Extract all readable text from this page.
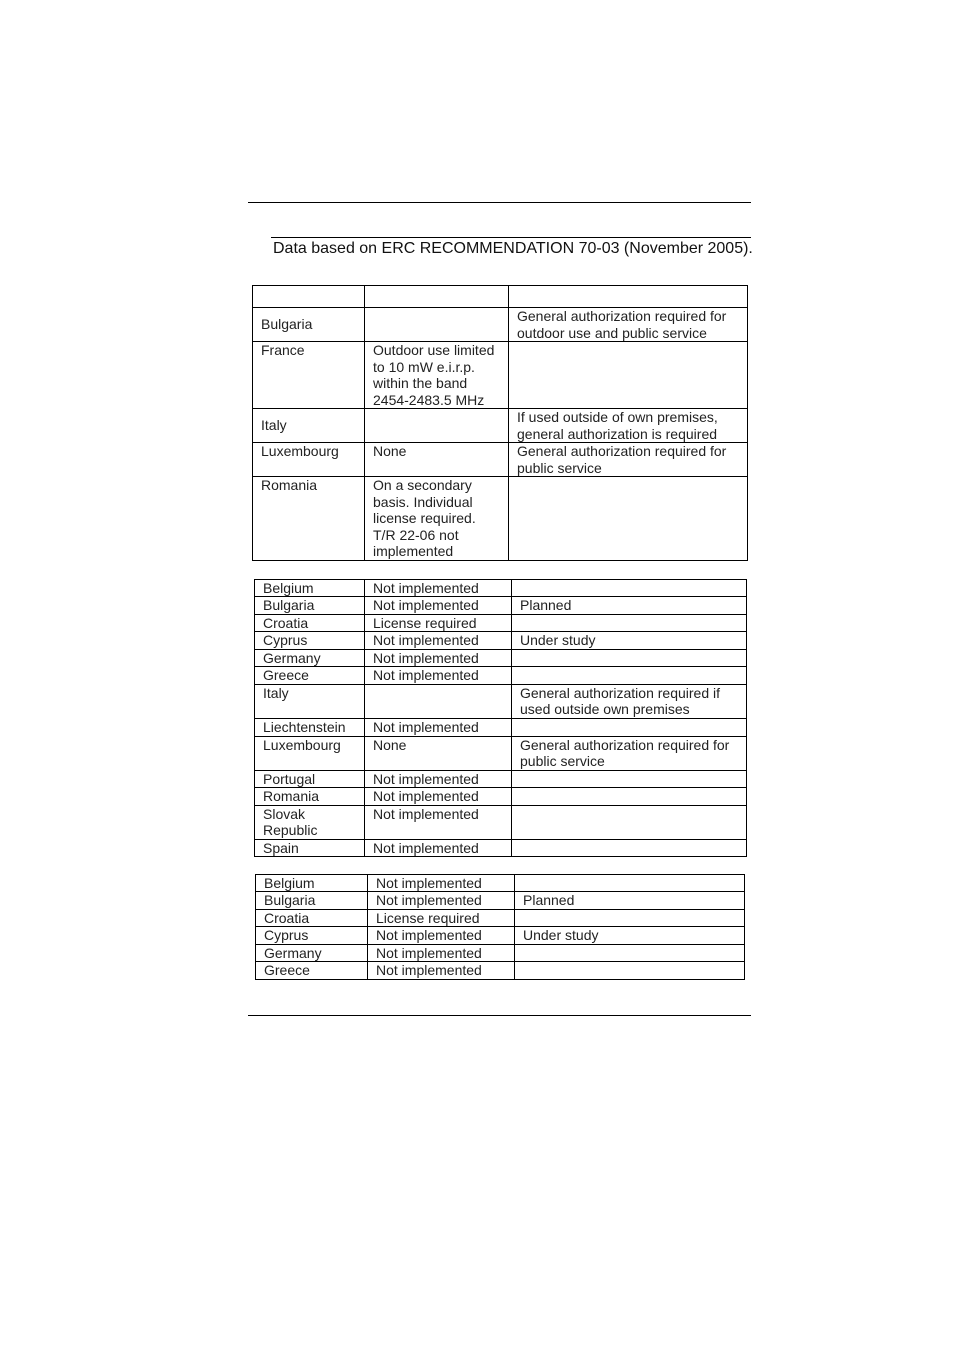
Data based on ERC RECOMMENDATION 70-03 (November 2005).

Bulgaria		General authorization required for outdoor use and public service
France	Outdoor use limited to 10 mW e.i.r.p. within the band 2454-2483.5 MHz	
Italy		If used outside of own premises, general authorization is required
Luxembourg	None	General authorization required for public service
Romania	On a secondary basis. Individual license required. T/R 22-06 not implemented	
Belgium	Not implemented	
Bulgaria	Not implemented	Planned
Croatia	License required	
Cyprus	Not implemented	Under study
Germany	Not implemented	
Greece	Not implemented	
Italy		General authorization required if used outside own premises
Liechtenstein	Not implemented	
Luxembourg	None	General authorization required for public service
Portugal	Not implemented	
Romania	Not implemented	
Slovak Republic	Not implemented	
Spain	Not implemented	
Belgium	Not implemented	
Bulgaria	Not implemented	Planned
Croatia	License required	
Cyprus	Not implemented	Under study
Germany	Not implemented	
Greece	Not implemented	
